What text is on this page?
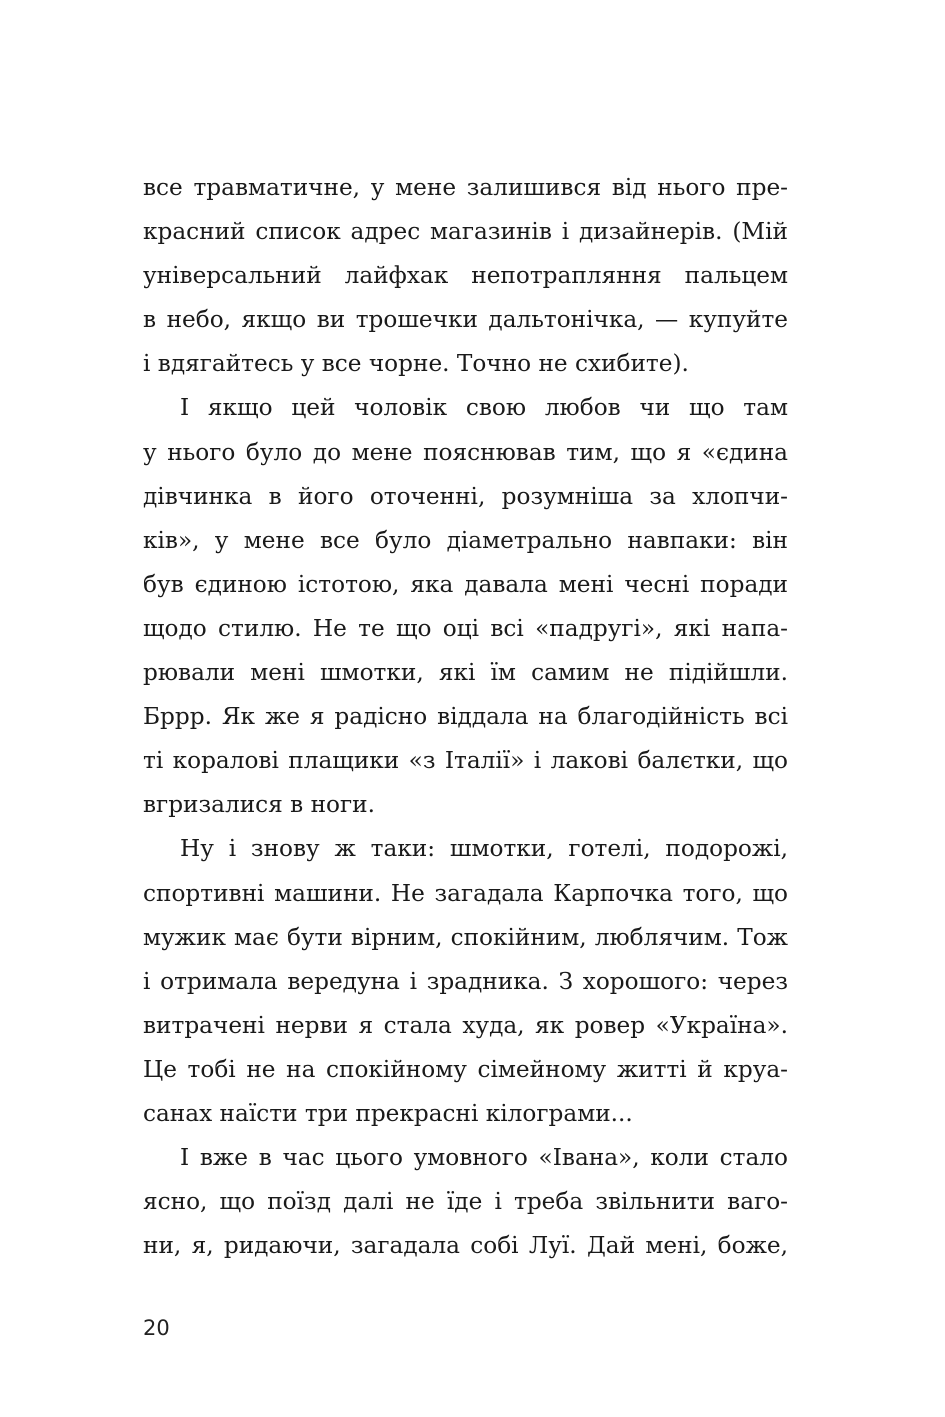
все травматичне, у мене залишився від нього пре-
красний список адрес магазинів і дизайнерів. (Мій
універсальний лайфхак непотрапляння пальцем
в небо, якщо ви трошечки дальтонічка, — купуйте
і вдягайтесь у все чорне. Точно не схибите).
І якщо цей чоловік свою любов чи що там
у нього було до мене пояснював тим, що я «єдина
дівчинка в його оточенні, розумніша за хлопчи-
ків», у мене все було діаметрально навпаки: він
був єдиною істотою, яка давала мені чесні поради
щодо стилю. Не те що оці всі «падругі», які напа-
рювали мені шмотки, які їм самим не підійшли.
Бррр. Як же я радісно віддала на благодійність всі
ті коралові плащики «з Італії» і лакові балєтки, що
вгризалися в ноги.
Ну і знову ж таки: шмотки, готелі, подорожі,
спортивні машини. Не загадала Карпочка того, що
мужик має бути вірним, спокійним, люблячим. Тож
і отримала вередуна і зрадника. З хорошого: через
витрачені нерви я стала худа, як ровер «Україна».
Це тобі не на спокійному сімейному житті й круа-
санах наїсти три прекрасні кілограми...
І вже в час цього умовного «Івана», коли стало
ясно, що поїзд далі не їде і треба звільнити ваго-
ни, я, ридаючи, загадала собі Луї. Дай мені, боже,
20
